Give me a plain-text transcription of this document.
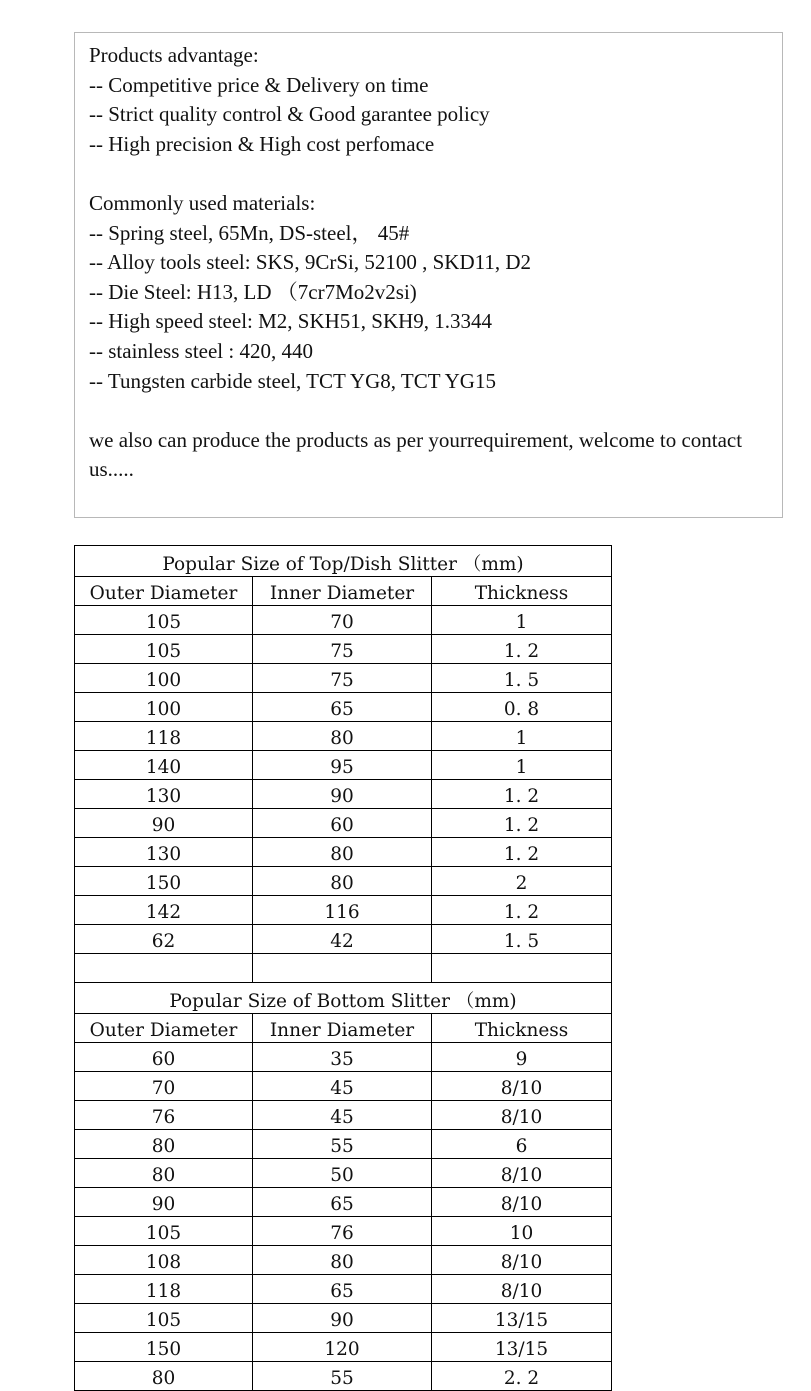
Products advantage:
-- Competitive price & Delivery on time
-- Strict quality control & Good garantee policy
-- High precision & High cost perfomace
Commonly used materials:
-- Spring steel, 65Mn, DS-steel， 45#
-- Alloy tools steel: SKS, 9CrSi, 52100 , SKD11, D2
-- Die Steel: H13, LD （7cr7Mo2v2si)
-- High speed steel: M2, SKH51, SKH9, 1.3344
-- stainless steel : 420, 440
-- Tungsten carbide steel, TCT YG8, TCT YG15
we also can produce the products as per yourrequirement, welcome to contact us.....
Popular Size of Top/Dish Slitter （mm)		
Outer Diameter	Inner Diameter	Thickness
105	70	1
105	75	1. 2
100	75	1. 5
100	65	0. 8
118	80	1
140	95	1
130	90	1. 2
90	60	1. 2
130	80	1. 2
150	80	2
142	116	1. 2
62	42	1. 5

Popular Size of Bottom Slitter （mm)		
Outer Diameter	Inner Diameter	Thickness
60	35	9
70	45	8/10
76	45	8/10
80	55	6
80	50	8/10
90	65	8/10
105	76	10
108	80	8/10
118	65	8/10
105	90	13/15
150	120	13/15
80	55	2. 2
